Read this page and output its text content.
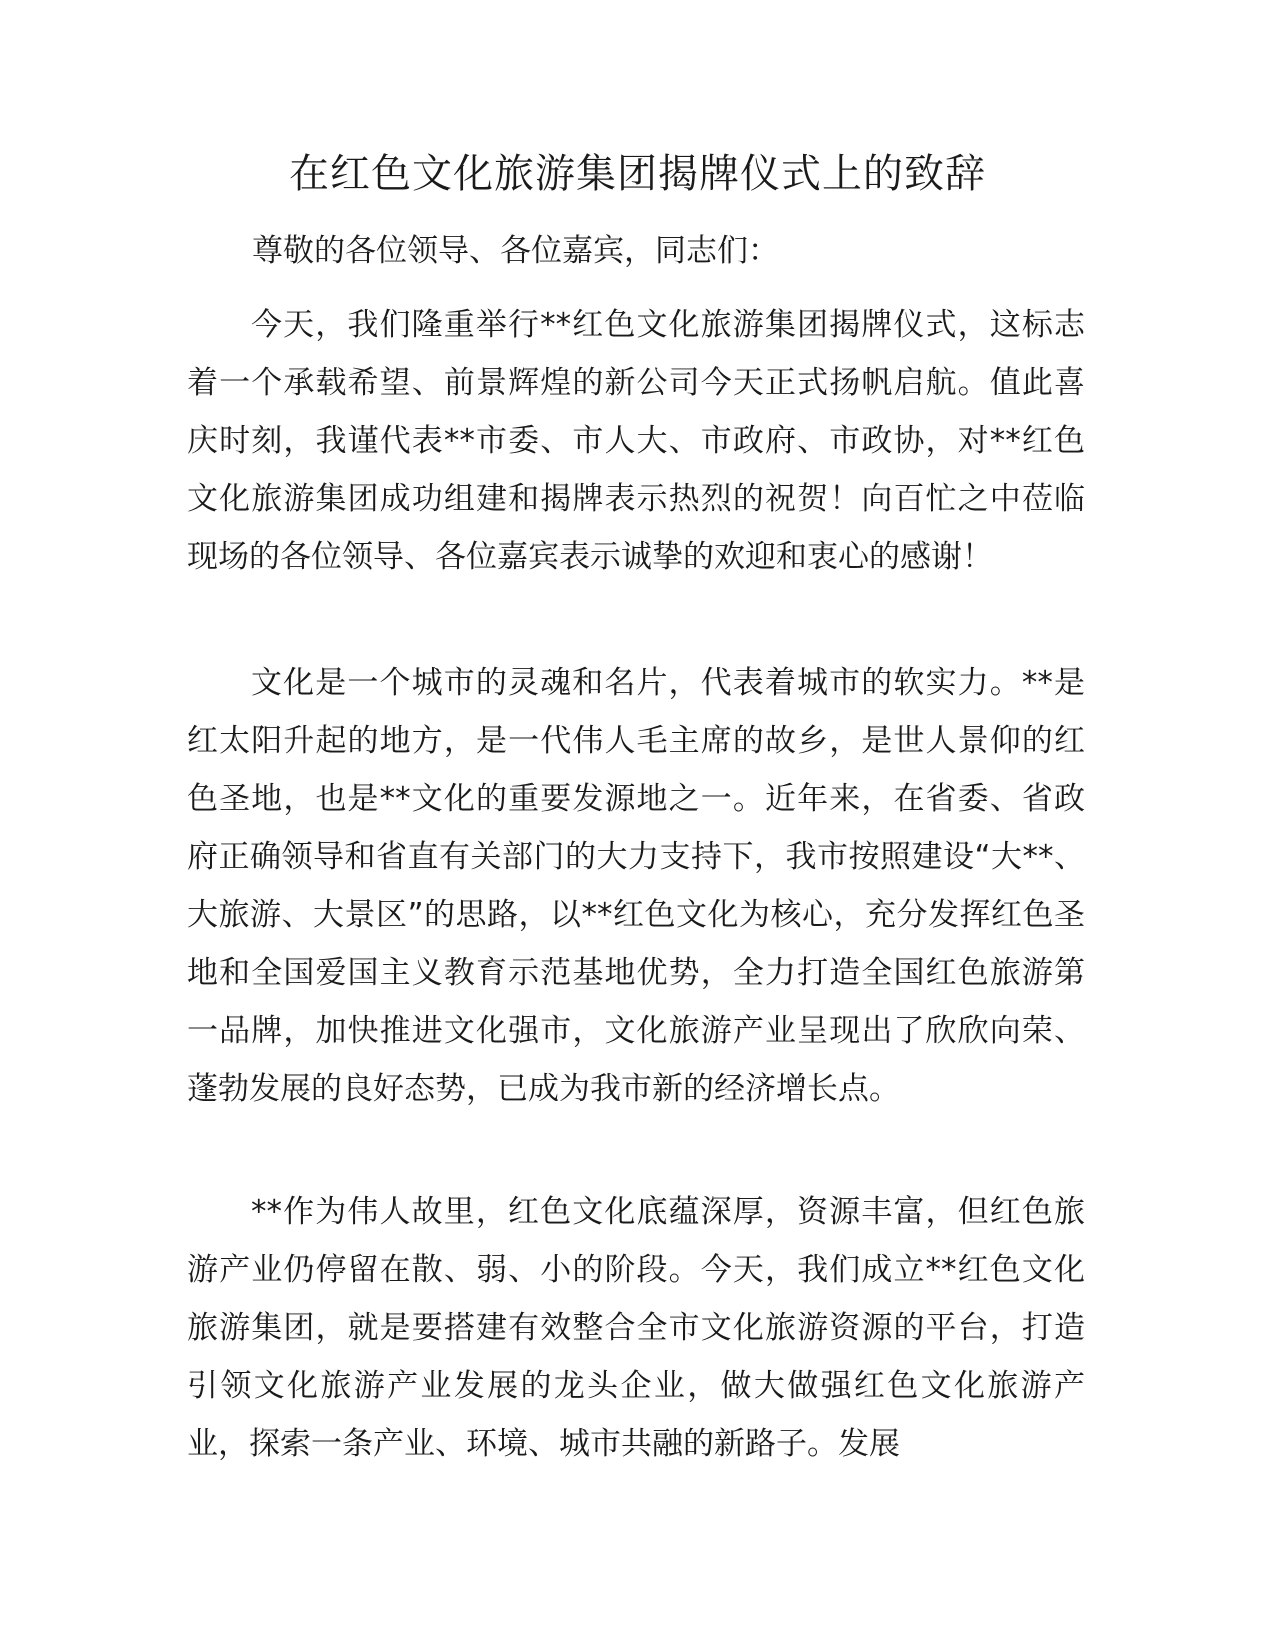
在红色文化旅游集团揭牌仪式上的致辞

尊敬的各位领导、各位嘉宾，同志们：

今天，我们隆重举行**红色文化旅游集团揭牌仪式，这标志着一个承载希望、前景辉煌的新公司今天正式扬帆启航。值此喜庆时刻，我谨代表**市委、市人大、市政府、市政协，对**红色文化旅游集团成功组建和揭牌表示热烈的祝贺！向百忙之中莅临现场的各位领导、各位嘉宾表示诚挚的欢迎和衷心的感谢！

文化是一个城市的灵魂和名片，代表着城市的软实力。**是红太阳升起的地方，是一代伟人毛主席的故乡，是世人景仰的红色圣地，也是**文化的重要发源地之一。近年来，在省委、省政府正确领导和省直有关部门的大力支持下，我市按照建设“大**、大旅游、大景区”的思路，以**红色文化为核心，充分发挥红色圣地和全国爱国主义教育示范基地优势，全力打造全国红色旅游第一品牌，加快推进文化强市，文化旅游产业呈现出了欣欣向荣、蓬勃发展的良好态势，已成为我市新的经济增长点。

**作为伟人故里，红色文化底蕴深厚，资源丰富，但红色旅游产业仍停留在散、弱、小的阶段。今天，我们成立**红色文化旅游集团，就是要搭建有效整合全市文化旅游资源的平台，打造引领文化旅游产业发展的龙头企业，做大做强红色文化旅游产业，探索一条产业、环境、城市共融的新路子。发展
